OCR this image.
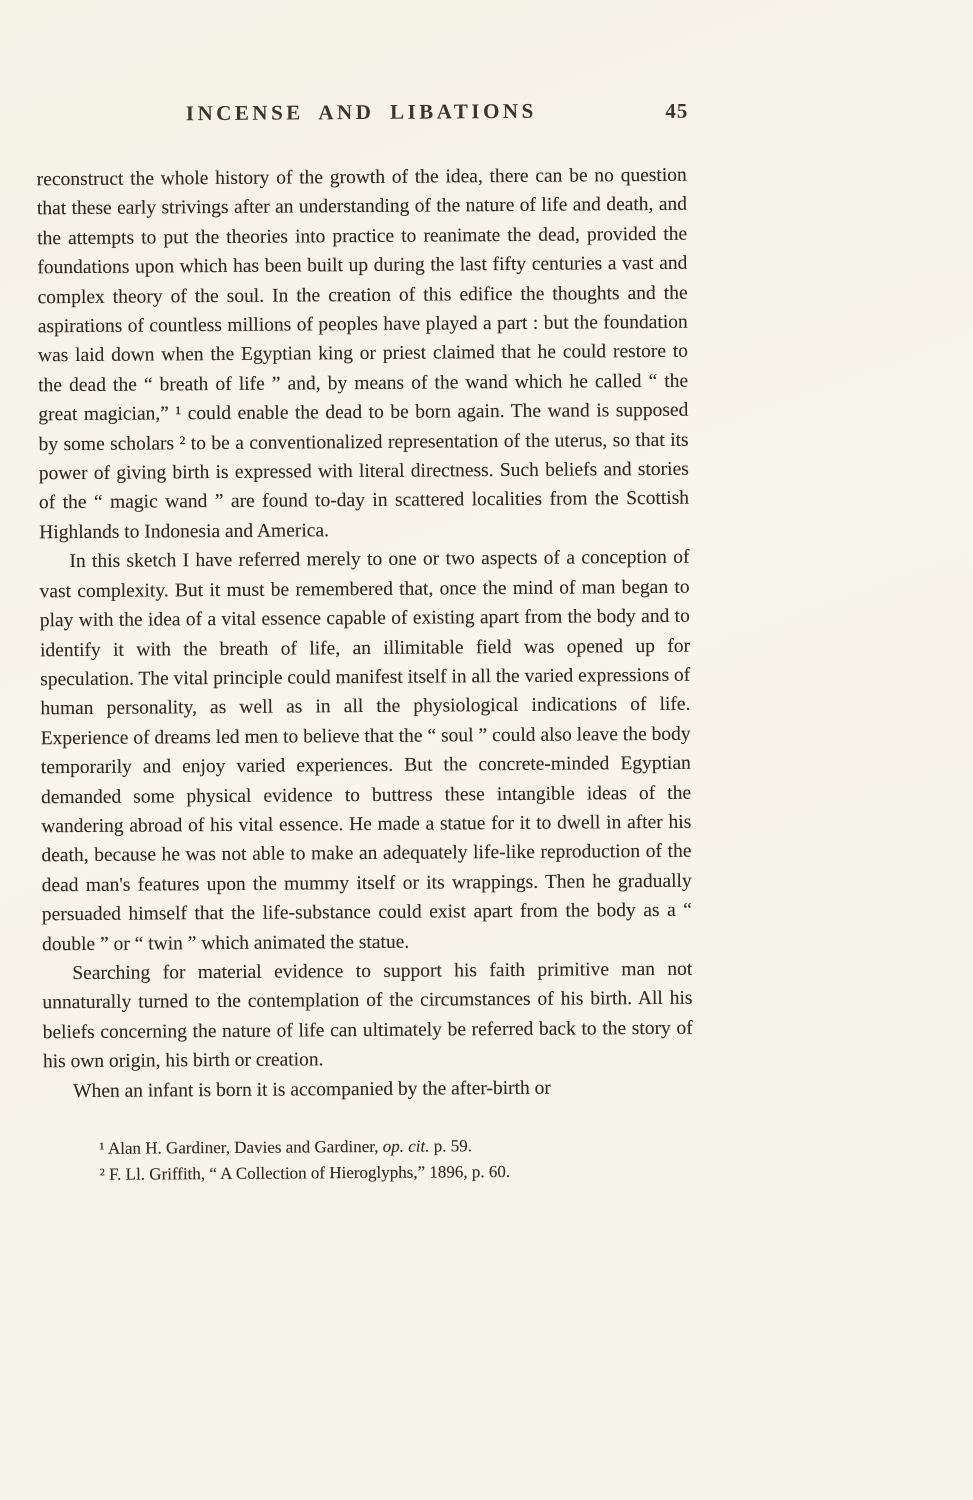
INCENSE AND LIBATIONS	45

reconstruct the whole history of the growth of the idea, there can be no question that these early strivings after an understanding of the nature of life and death, and the attempts to put the theories into practice to reanimate the dead, provided the foundations upon which has been built up during the last fifty centuries a vast and complex theory of the soul. In the creation of this edifice the thoughts and the aspirations of countless millions of peoples have played a part : but the foundation was laid down when the Egyptian king or priest claimed that he could restore to the dead the “ breath of life ” and, by means of the wand which he called “ the great magician,” ¹ could enable the dead to be born again. The wand is supposed by some scholars ² to be a conventionalized representation of the uterus, so that its power of giving birth is expressed with literal directness. Such beliefs and stories of the “ magic wand ” are found to-day in scattered localities from the Scottish Highlands to Indonesia and America.

In this sketch I have referred merely to one or two aspects of a conception of vast complexity. But it must be remembered that, once the mind of man began to play with the idea of a vital essence capable of existing apart from the body and to identify it with the breath of life, an illimitable field was opened up for speculation. The vital principle could manifest itself in all the varied expressions of human personality, as well as in all the physiological indications of life. Experience of dreams led men to believe that the “ soul ” could also leave the body temporarily and enjoy varied experiences. But the concrete-minded Egyptian demanded some physical evidence to buttress these intangible ideas of the wandering abroad of his vital essence. He made a statue for it to dwell in after his death, because he was not able to make an adequately life-like reproduction of the dead man's features upon the mummy itself or its wrappings. Then he gradually persuaded himself that the life-substance could exist apart from the body as a “ double ” or “ twin ” which animated the statue.

Searching for material evidence to support his faith primitive man not unnaturally turned to the contemplation of the circumstances of his birth. All his beliefs concerning the nature of life can ultimately be referred back to the story of his own origin, his birth or creation.

When an infant is born it is accompanied by the after-birth or

¹ Alan H. Gardiner, Davies and Gardiner, op. cit. p. 59.

² F. Ll. Griffith, “ A Collection of Hieroglyphs,” 1896, p. 60.
